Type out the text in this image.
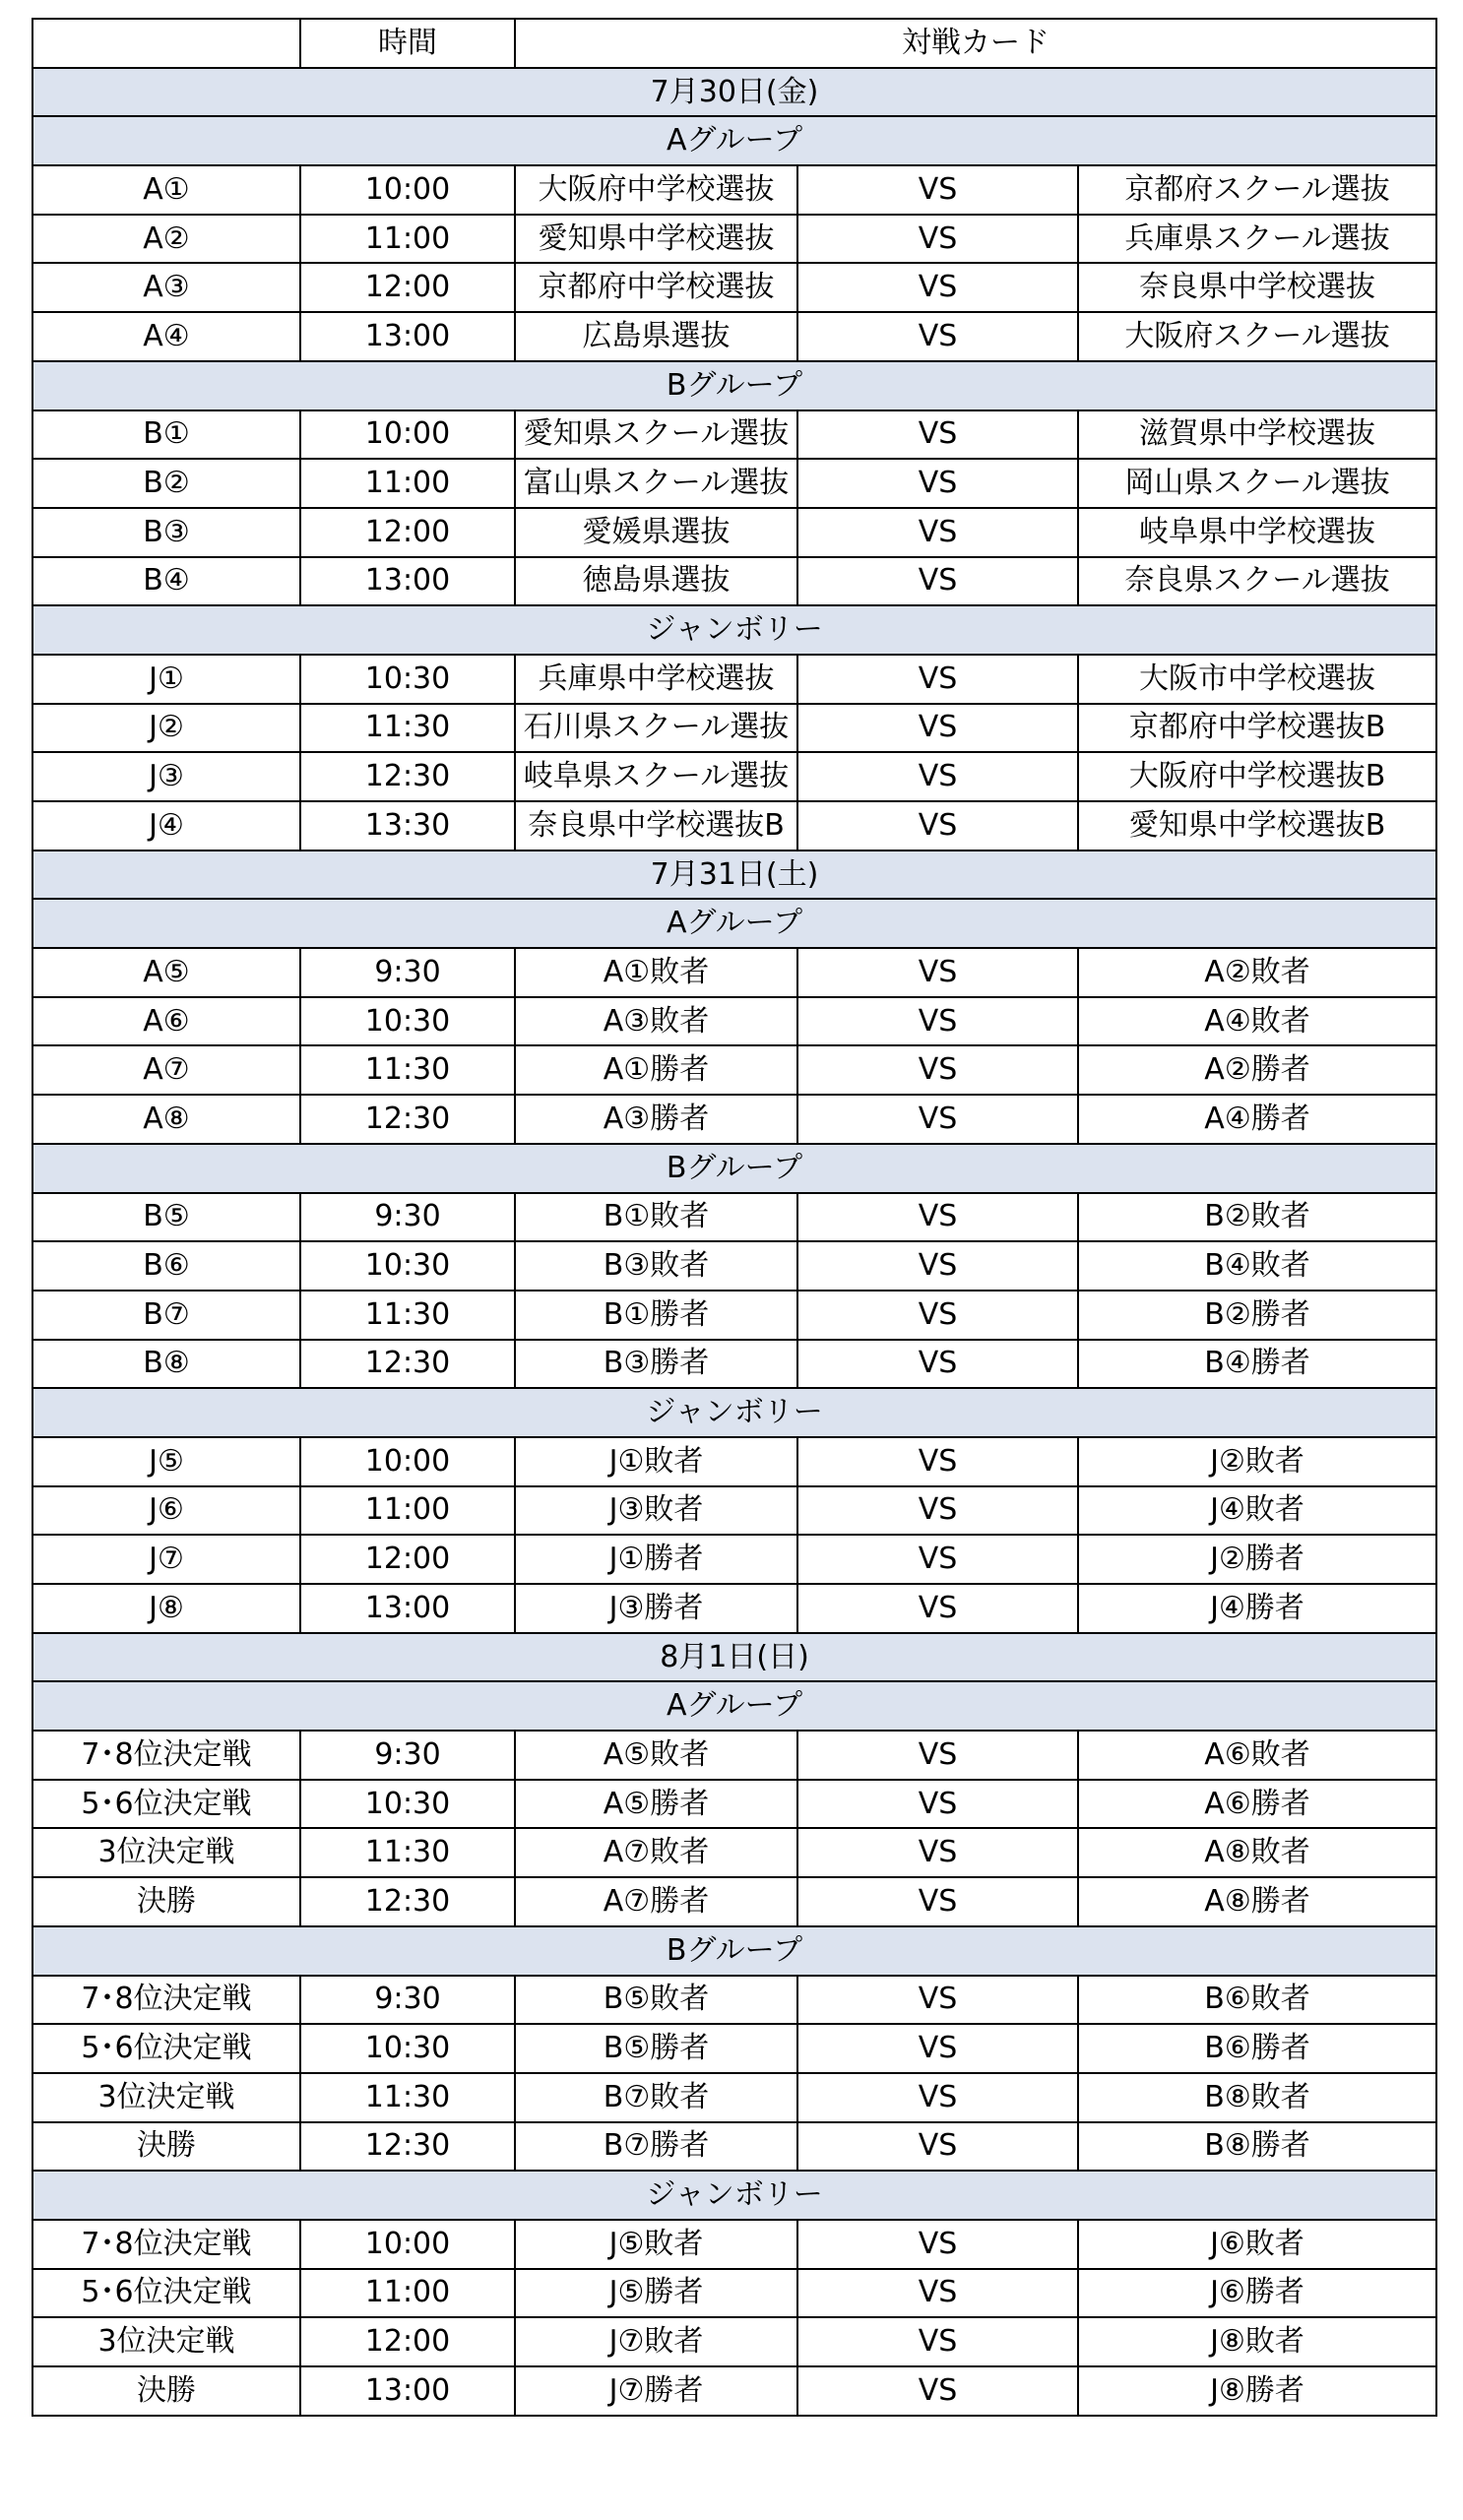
	時間	対戦カード		
7月30日(金)				
Aグループ				
A①	10:00	大阪府中学校選抜	VS	京都府スクール選抜
A②	11:00	愛知県中学校選抜	VS	兵庫県スクール選抜
A③	12:00	京都府中学校選抜	VS	奈良県中学校選抜
A④	13:00	広島県選抜	VS	大阪府スクール選抜
Bグループ				
B①	10:00	愛知県スクール選抜	VS	滋賀県中学校選抜
B②	11:00	富山県スクール選抜	VS	岡山県スクール選抜
B③	12:00	愛媛県選抜	VS	岐阜県中学校選抜
B④	13:00	徳島県選抜	VS	奈良県スクール選抜
ジャンボリー				
J①	10:30	兵庫県中学校選抜	VS	大阪市中学校選抜
J②	11:30	石川県スクール選抜	VS	京都府中学校選抜B
J③	12:30	岐阜県スクール選抜	VS	大阪府中学校選抜B
J④	13:30	奈良県中学校選抜B	VS	愛知県中学校選抜B
7月31日(土)				
Aグループ				
A⑤	9:30	A①敗者	VS	A②敗者
A⑥	10:30	A③敗者	VS	A④敗者
A⑦	11:30	A①勝者	VS	A②勝者
A⑧	12:30	A③勝者	VS	A④勝者
Bグループ				
B⑤	9:30	B①敗者	VS	B②敗者
B⑥	10:30	B③敗者	VS	B④敗者
B⑦	11:30	B①勝者	VS	B②勝者
B⑧	12:30	B③勝者	VS	B④勝者
ジャンボリー				
J⑤	10:00	J①敗者	VS	J②敗者
J⑥	11:00	J③敗者	VS	J④敗者
J⑦	12:00	J①勝者	VS	J②勝者
J⑧	13:00	J③勝者	VS	J④勝者
8月1日(日)				
Aグループ				
7･8位決定戦	9:30	A⑤敗者	VS	A⑥敗者
5･6位決定戦	10:30	A⑤勝者	VS	A⑥勝者
3位決定戦	11:30	A⑦敗者	VS	A⑧敗者
決勝	12:30	A⑦勝者	VS	A⑧勝者
Bグループ				
7･8位決定戦	9:30	B⑤敗者	VS	B⑥敗者
5･6位決定戦	10:30	B⑤勝者	VS	B⑥勝者
3位決定戦	11:30	B⑦敗者	VS	B⑧敗者
決勝	12:30	B⑦勝者	VS	B⑧勝者
ジャンボリー				
7･8位決定戦	10:00	J⑤敗者	VS	J⑥敗者
5･6位決定戦	11:00	J⑤勝者	VS	J⑥勝者
3位決定戦	12:00	J⑦敗者	VS	J⑧敗者
決勝	13:00	J⑦勝者	VS	J⑧勝者
